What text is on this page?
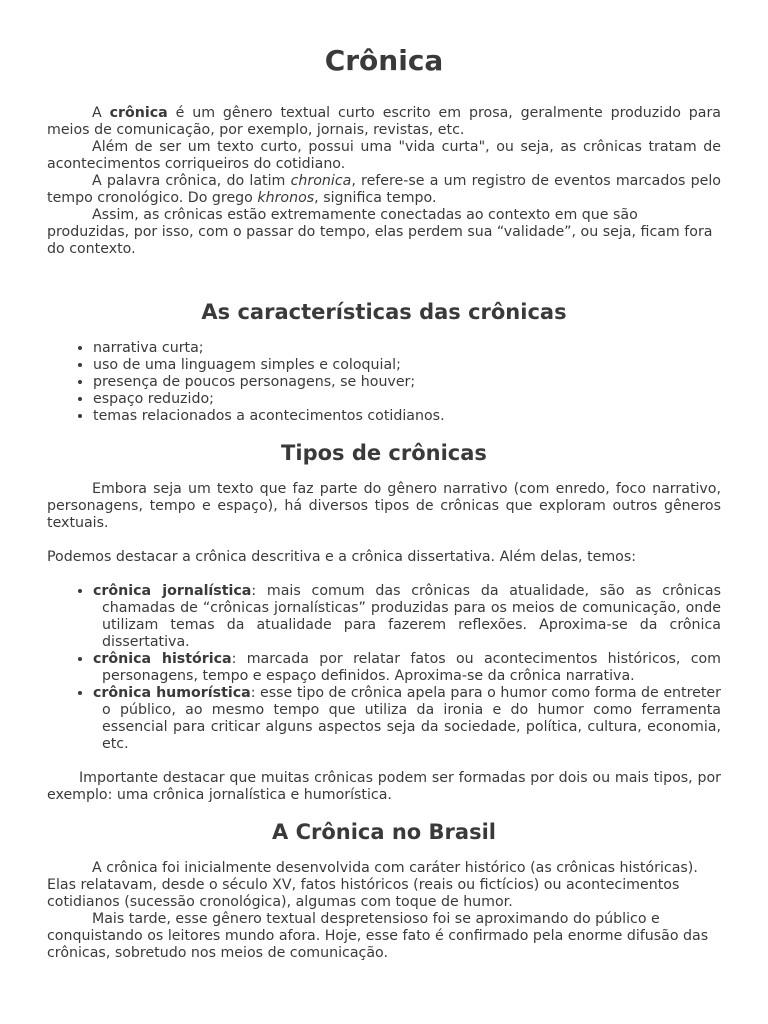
Crônica

A crônica é um gênero textual curto escrito em prosa, geralmente produzido para meios de comunicação, por exemplo, jornais, revistas, etc.

Além de ser um texto curto, possui uma "vida curta", ou seja, as crônicas tratam de acontecimentos corriqueiros do cotidiano.

A palavra crônica, do latim chronica, refere-se a um registro de eventos marcados pelo tempo cronológico. Do grego khronos, significa tempo.

Assim, as crônicas estão extremamente conectadas ao contexto em que são produzidas, por isso, com o passar do tempo, elas perdem sua “validade”, ou seja, ficam fora do contexto.

As características das crônicas
• narrativa curta;
• uso de uma linguagem simples e coloquial;
• presença de poucos personagens, se houver;
• espaço reduzido;
• temas relacionados a acontecimentos cotidianos.
Tipos de crônicas

Embora seja um texto que faz parte do gênero narrativo (com enredo, foco narrativo, personagens, tempo e espaço), há diversos tipos de crônicas que exploram outros gêneros textuais.

Podemos destacar a crônica descritiva e a crônica dissertativa. Além delas, temos:

• crônica jornalística: mais comum das crônicas da atualidade, são as crônicas chamadas de “crônicas jornalísticas” produzidas para os meios de comunicação, onde utilizam temas da atualidade para fazerem reflexões. Aproxima-se da crônica dissertativa.
• crônica histórica: marcada por relatar fatos ou acontecimentos históricos, com personagens, tempo e espaço definidos. Aproxima-se da crônica narrativa.
• crônica humorística: esse tipo de crônica apela para o humor como forma de entreter o público, ao mesmo tempo que utiliza da ironia e do humor como ferramenta essencial para criticar alguns aspectos seja da sociedade, política, cultura, economia, etc.

Importante destacar que muitas crônicas podem ser formadas por dois ou mais tipos, por exemplo: uma crônica jornalística e humorística.

A Crônica no Brasil

A crônica foi inicialmente desenvolvida com caráter histórico (as crônicas históricas). Elas relatavam, desde o século XV, fatos históricos (reais ou fictícios) ou acontecimentos cotidianos (sucessão cronológica), algumas com toque de humor.

Mais tarde, esse gênero textual despretensioso foi se aproximando do público e conquistando os leitores mundo afora. Hoje, esse fato é confirmado pela enorme difusão das crônicas, sobretudo nos meios de comunicação.
